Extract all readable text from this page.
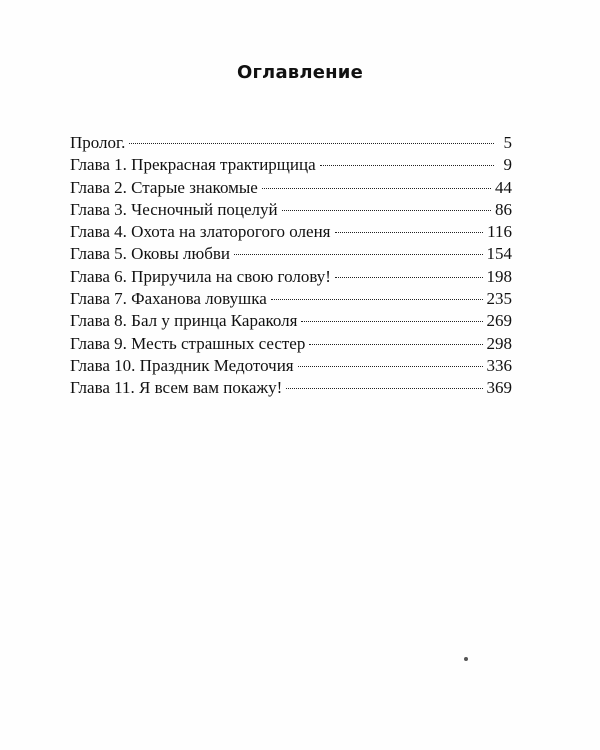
Оглавление
Пролог.	5
Глава 1. Прекрасная трактирщица	9
Глава 2. Старые знакомые	44
Глава 3. Чесночный поцелуй	86
Глава 4. Охота на златорогого оленя	116
Глава 5. Оковы любви	154
Глава 6. Приручила на свою голову!	198
Глава 7. Фаханова ловушка	235
Глава 8. Бал у принца Караколя	269
Глава 9. Месть страшных сестер	298
Глава 10. Праздник Медоточия	336
Глава 11. Я всем вам покажу!	369
